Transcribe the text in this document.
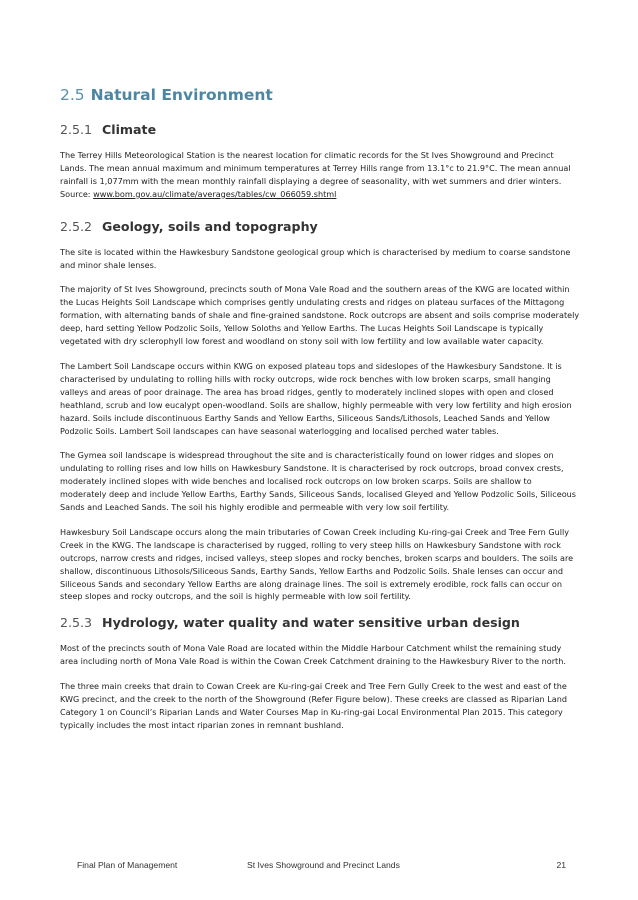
2.5 Natural Environment
2.5.1 Climate

The Terrey Hills Meteorological Station is the nearest location for climatic records for the St Ives Showground and Precinct Lands. The mean annual maximum and minimum temperatures at Terrey Hills range from 13.1°c to 21.9°C. The mean annual rainfall is 1,077mm with the mean monthly rainfall displaying a degree of seasonality, with wet summers and drier winters. Source: www.bom.gov.au/climate/averages/tables/cw_066059.shtml

2.5.2 Geology, soils and topography

The site is located within the Hawkesbury Sandstone geological group which is characterised by medium to coarse sandstone and minor shale lenses.

The majority of St Ives Showground, precincts south of Mona Vale Road and the southern areas of the KWG are located within the Lucas Heights Soil Landscape which comprises gently undulating crests and ridges on plateau surfaces of the Mittagong formation, with alternating bands of shale and fine-grained sandstone. Rock outcrops are absent and soils comprise moderately deep, hard setting Yellow Podzolic Soils, Yellow Soloths and Yellow Earths. The Lucas Heights Soil Landscape is typically vegetated with dry sclerophyll low forest and woodland on stony soil with low fertility and low available water capacity.

The Lambert Soil Landscape occurs within KWG on exposed plateau tops and sideslopes of the Hawkesbury Sandstone. It is characterised by undulating to rolling hills with rocky outcrops, wide rock benches with low broken scarps, small hanging valleys and areas of poor drainage. The area has broad ridges, gently to moderately inclined slopes with open and closed heathland, scrub and low eucalypt open-woodland. Soils are shallow, highly permeable with very low fertility and high erosion hazard. Soils include discontinuous Earthy Sands and Yellow Earths, Siliceous Sands/Lithosols, Leached Sands and Yellow Podzolic Soils. Lambert Soil landscapes can have seasonal waterlogging and localised perched water tables.

The Gymea soil landscape is widespread throughout the site and is characteristically found on lower ridges and slopes on undulating to rolling rises and low hills on Hawkesbury Sandstone. It is characterised by rock outcrops, broad convex crests, moderately inclined slopes with wide benches and localised rock outcrops on low broken scarps. Soils are shallow to moderately deep and include Yellow Earths, Earthy Sands, Siliceous Sands, localised Gleyed and Yellow Podzolic Soils, Siliceous Sands and Leached Sands. The soil his highly erodible and permeable with very low soil fertility.

Hawkesbury Soil Landscape occurs along the main tributaries of Cowan Creek including Ku-ring-gai Creek and Tree Fern Gully Creek in the KWG. The landscape is characterised by rugged, rolling to very steep hills on Hawkesbury Sandstone with rock outcrops, narrow crests and ridges, incised valleys, steep slopes and rocky benches, broken scarps and boulders. The soils are shallow, discontinuous Lithosols/Siliceous Sands, Earthy Sands, Yellow Earths and Podzolic Soils. Shale lenses can occur and Siliceous Sands and secondary Yellow Earths are along drainage lines. The soil is extremely erodible, rock falls can occur on steep slopes and rocky outcrops, and the soil is highly permeable with low soil fertility.

2.5.3 Hydrology, water quality and water sensitive urban design

Most of the precincts south of Mona Vale Road are located within the Middle Harbour Catchment whilst the remaining study area including north of Mona Vale Road is within the Cowan Creek Catchment draining to the Hawkesbury River to the north.

The three main creeks that drain to Cowan Creek are Ku-ring-gai Creek and Tree Fern Gully Creek to the west and east of the KWG precinct, and the creek to the north of the Showground (Refer Figure below). These creeks are classed as Riparian Land Category 1 on Council’s Riparian Lands and Water Courses Map in Ku-ring-gai Local Environmental Plan 2015. This category typically includes the most intact riparian zones in remnant bushland.

Final Plan of Management	St Ives Showground and Precinct Lands	21
